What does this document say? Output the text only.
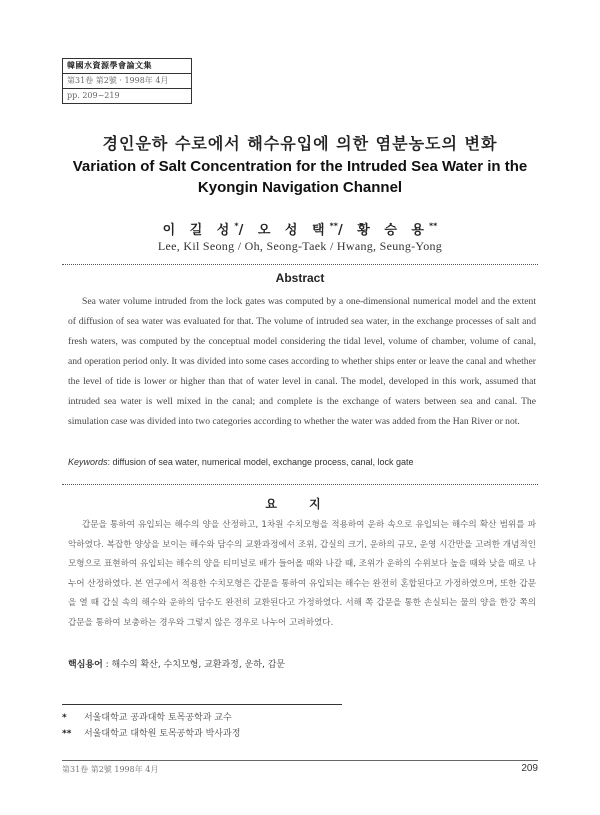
韓國水資源學會論文集
第31卷 第2號 · 1998年 4月
pp. 209~219
경인운하 수로에서 해수유입에 의한 염분농도의 변화
Variation of Salt Concentration for the Intruded Sea Water in the Kyongin Navigation Channel
이 길 성*/ 오 성 택**/ 황 승 용**
Lee, Kil Seong / Oh, Seong-Taek / Hwang, Seung-Yong
Abstract
Sea water volume intruded from the lock gates was computed by a one-dimensional numerical model and the extent of diffusion of sea water was evaluated for that. The volume of intruded sea water, in the exchange processes of salt and fresh waters, was computed by the conceptual model considering the tidal level, volume of chamber, volume of canal, and operation period only. It was divided into some cases according to whether ships enter or leave the canal and whether the level of tide is lower or higher than that of water level in canal. The model, developed in this work, assumed that intruded sea water is well mixed in the canal; and complete is the exchange of waters between sea and canal. The simulation case was divided into two categories according to whether the water was added from the Han River or not.
Keywords: diffusion of sea water, numerical model, exchange process, canal, lock gate
요 지
갑문을 통하여 유입되는 해수의 양을 산정하고, 1차원 수치모형을 적용하여 운하 속으로 유입되는 해수의 확산 범위를 파악하였다. 복잡한 양상을 보이는 해수와 담수의 교환과정에서 조위, 갑실의 크기, 운하의 규모, 운영 시간만을 고려한 개념적인 모형으로 표현하여 유입되는 해수의 양을 티미널로 배가 들어올 때와 나갈 때, 조위가 운하의 수위보다 높을 때와 낮을 때로 나누어 산정하였다. 본 연구에서 적용한 수치모형은 갑문을 통하여 유입되는 해수는 완전히 혼합된다고 가정하였으며, 또한 갑문을 열 때 갑실 속의 해수와 운하의 담수도 완전히 교환된다고 가정하였다. 서해 쪽 갑문을 통한 손실되는 물의 양을 한강 쪽의 갑문을 통하여 보충하는 경우와 그렇지 않은 경우로 나누어 고려하였다.
핵심용어 : 해수의 확산, 수치모형, 교환과정, 운하, 갑문
* 서울대학교 공과대학 토목공학과 교수
** 서울대학교 대학원 토목공학과 박사과정
第31卷 第2號 1998年 4月	209
